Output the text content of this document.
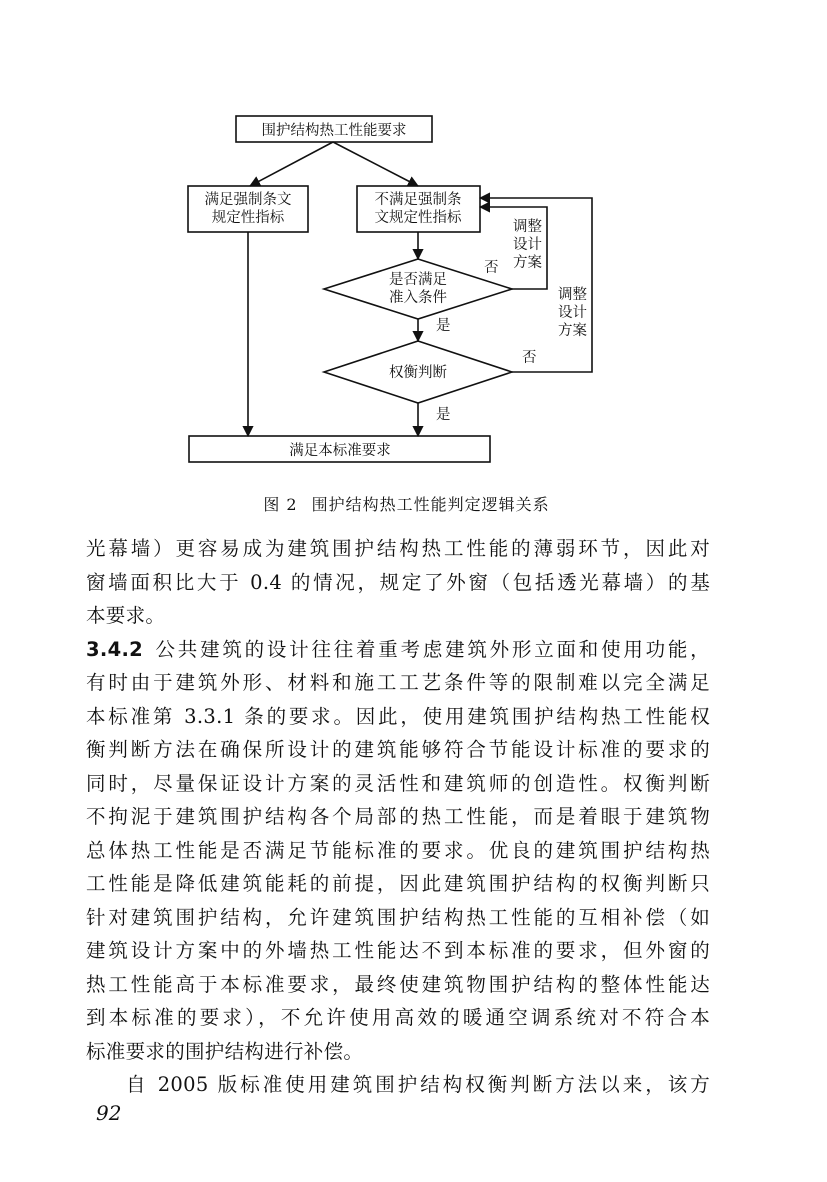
围护结构热工性能要求
满足强制条文
规定性指标
不满足强制条
文规定性指标
是否满足
准入条件
权衡判断
满足本标准要求
否
否
是
是
调整
设计
方案
调整
设计
方案
图 2 围护结构热工性能判定逻辑关系
光幕墙）更容易成为建筑围护结构热工性能的薄弱环节，因此对
窗墙面积比大于 0.4 的情况，规定了外窗（包括透光幕墙）的基
本要求。
3.4.2 公共建筑的设计往往着重考虑建筑外形立面和使用功能，
有时由于建筑外形、材料和施工工艺条件等的限制难以完全满足
本标准第 3.3.1 条的要求。因此，使用建筑围护结构热工性能权
衡判断方法在确保所设计的建筑能够符合节能设计标准的要求的
同时，尽量保证设计方案的灵活性和建筑师的创造性。权衡判断
不拘泥于建筑围护结构各个局部的热工性能，而是着眼于建筑物
总体热工性能是否满足节能标准的要求。优良的建筑围护结构热
工性能是降低建筑能耗的前提，因此建筑围护结构的权衡判断只
针对建筑围护结构，允许建筑围护结构热工性能的互相补偿（如
建筑设计方案中的外墙热工性能达不到本标准的要求，但外窗的
热工性能高于本标准要求，最终使建筑物围护结构的整体性能达
到本标准的要求），不允许使用高效的暖通空调系统对不符合本
标准要求的围护结构进行补偿。
自 2005 版标准使用建筑围护结构权衡判断方法以来，该方
92
